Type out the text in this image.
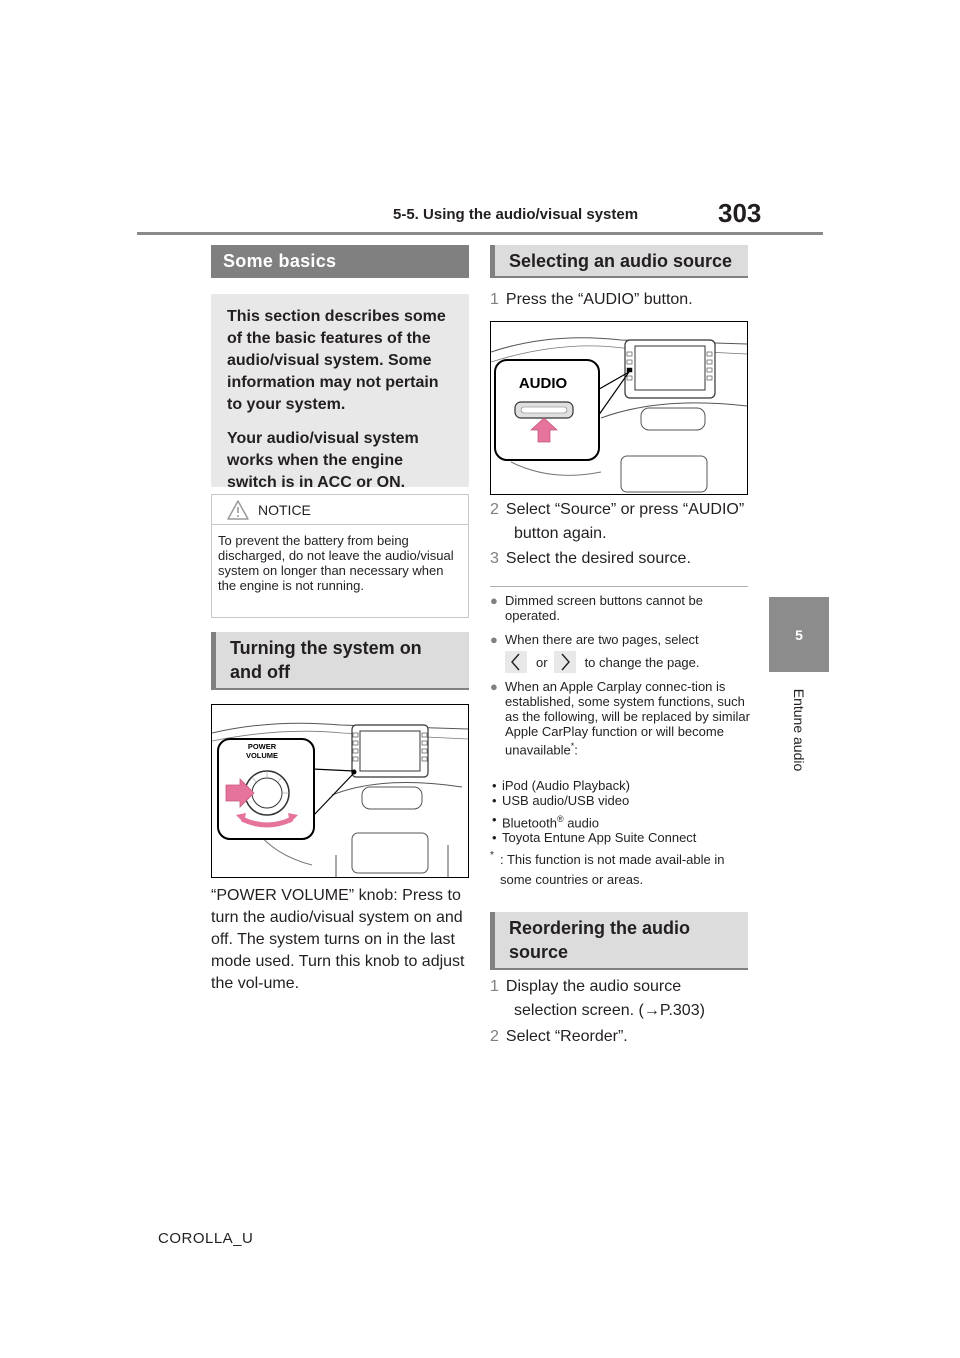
5-5. Using the audio/visual system	303
5
Entune audio
Some basics

This section describes some of the basic features of the audio/visual system. Some information may not pertain to your system.

Your audio/visual system works when the engine switch is in ACC or ON.

NOTICE
To prevent the battery from being discharged, do not leave the audio/visual system on longer than necessary when the engine is not running.
Turning the system on and off
POWER
VOLUME
“POWER VOLUME” knob: Press to turn the audio/visual system on and off. The system turns on in the last mode used. Turn this knob to adjust the vol-ume.
Selecting an audio source
1 Press the “AUDIO” button.
AUDIO
2 Select “Source” or press “AUDIO” button again.
3 Select the desired source.
● Dimmed screen buttons cannot be operated.
● When there are two pages, select
or	to change the page.
● When an Apple Carplay connec-tion is established, some system functions, such as the following, will be replaced by similar Apple CarPlay function or will become unavailable*:
• iPod (Audio Playback)
• USB audio/USB video
• Bluetooth® audio
• Toyota Entune App Suite Connect
* : This function is not made avail-able in some countries or areas.
Reordering the audio source
1 Display the audio source selection screen. (→P.303)
2 Select “Reorder”.
COROLLA_U
